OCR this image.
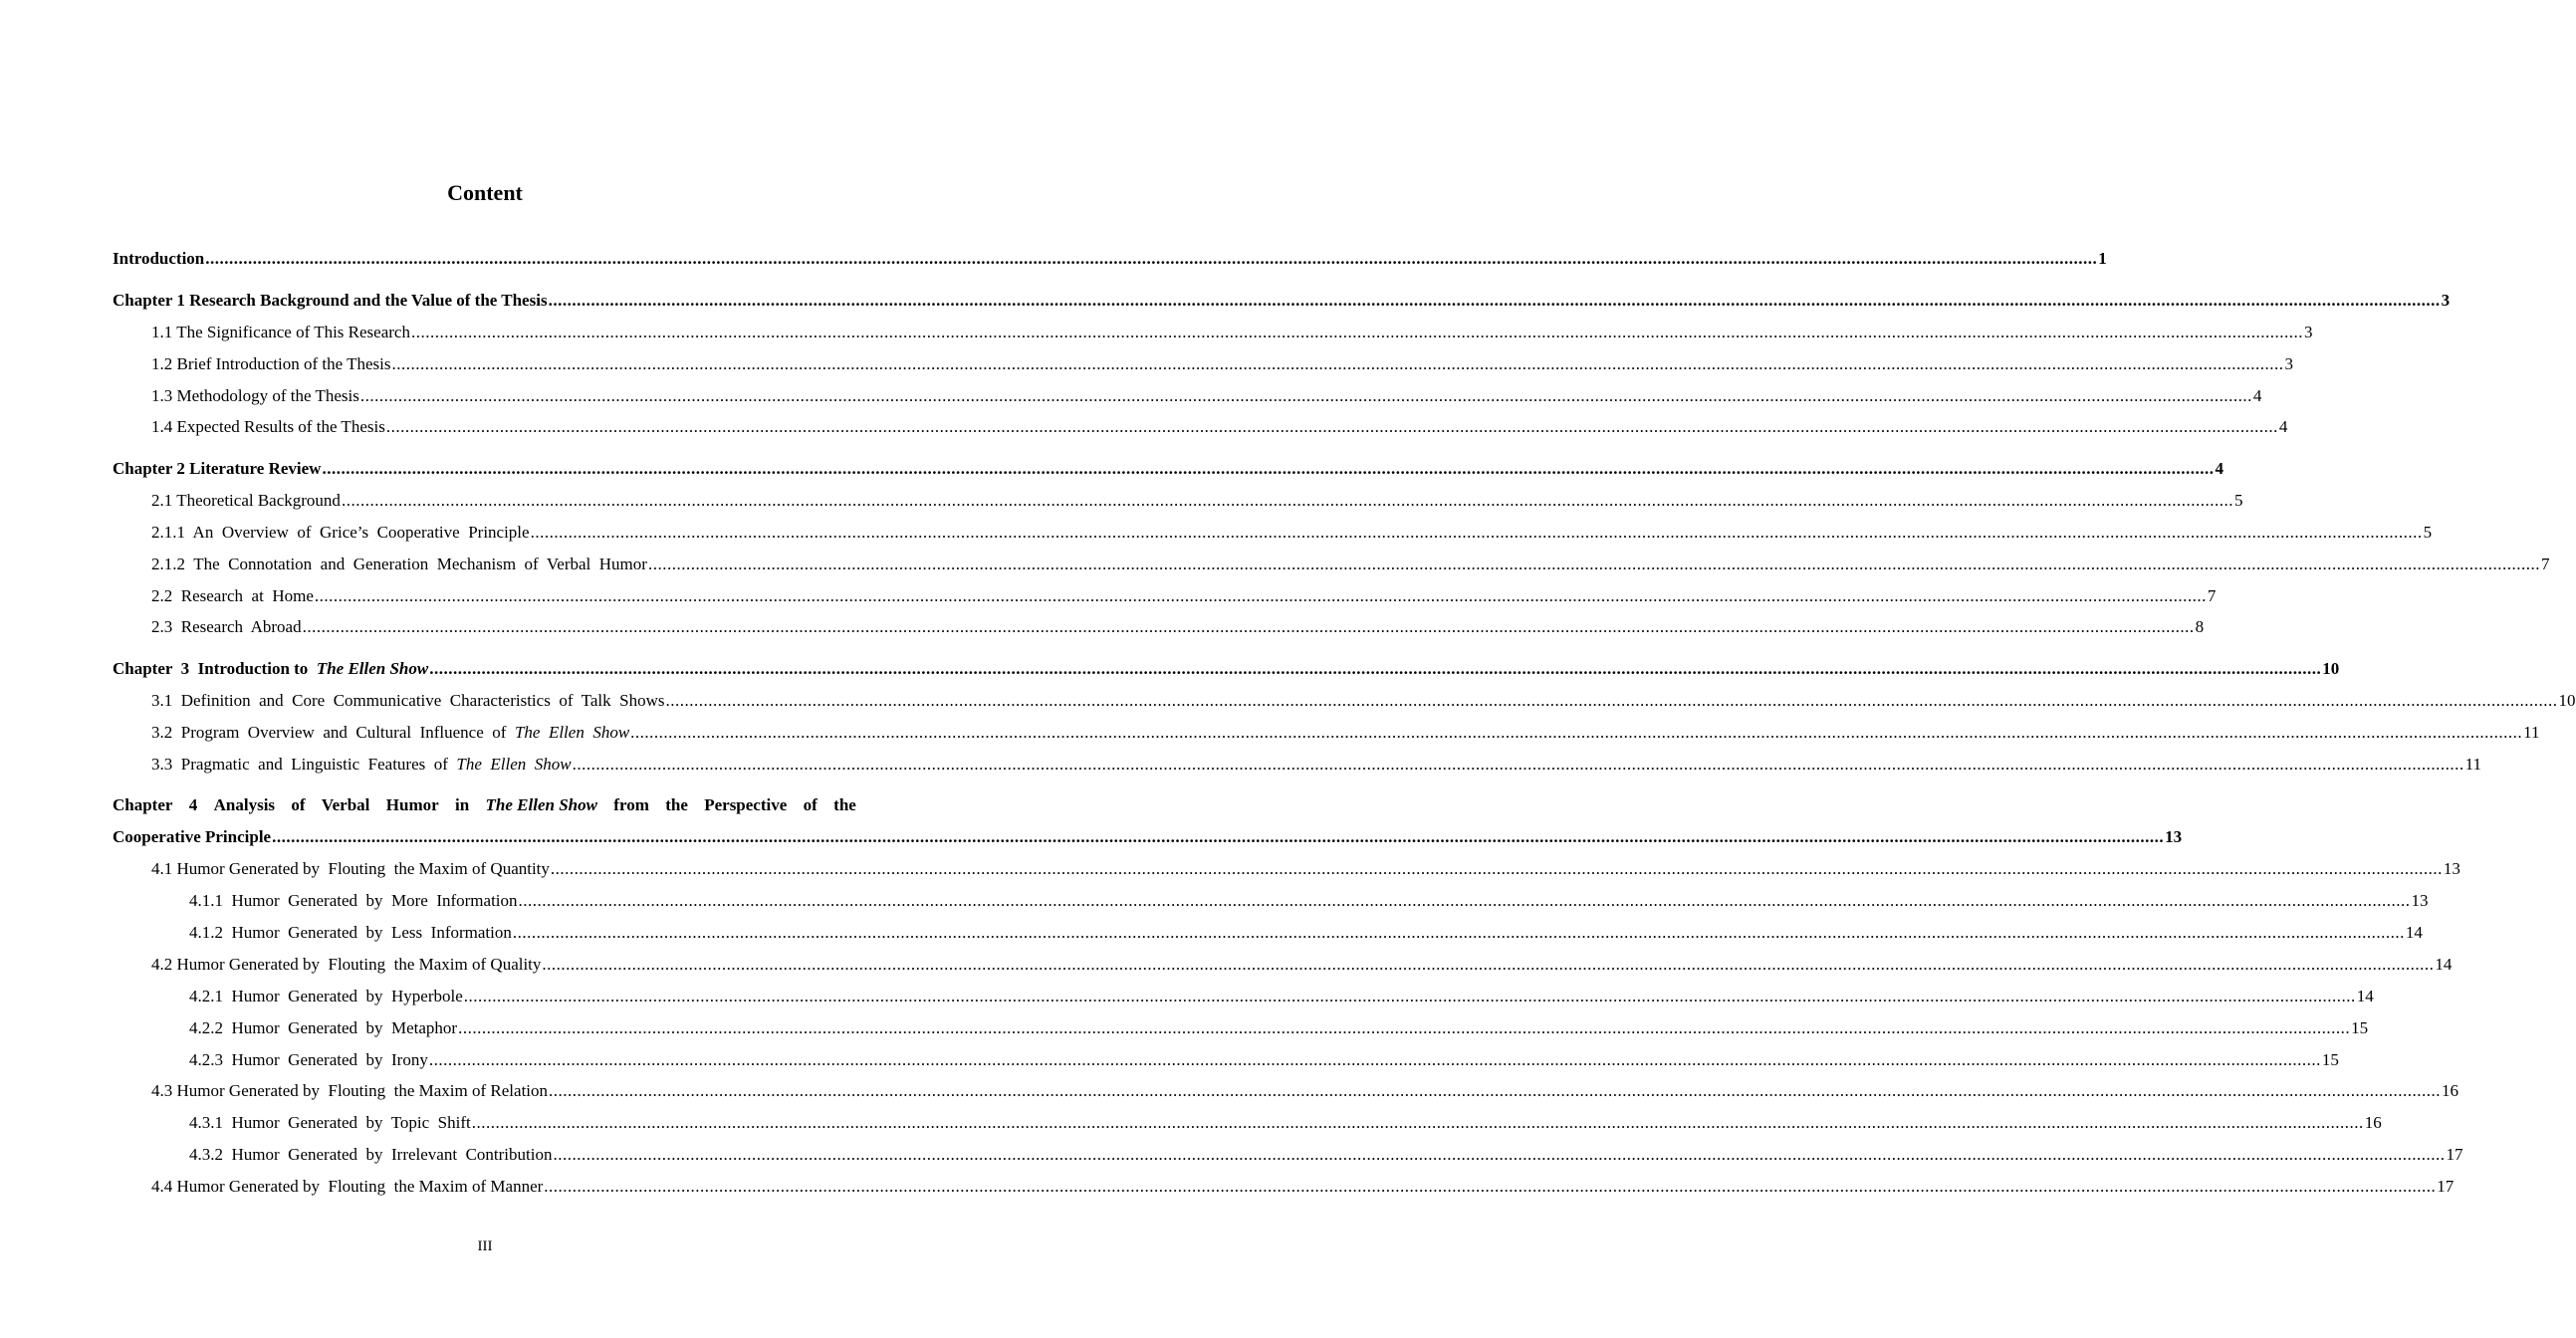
Content
Introduction ................................................................................................................................................................................................................................................................................................................................................................................................................ 1
Chapter 1 Research Background and the Value of the Thesis ................................................................................................................................................................................................................................................................................................................................................................................................................ 3
1.1 The Significance of This Research ................................................................................................................................................................................................................................................................................................................................................................................................................ 3
1.2 Brief Introduction of the Thesis ................................................................................................................................................................................................................................................................................................................................................................................................................ 3
1.3 Methodology of the Thesis ................................................................................................................................................................................................................................................................................................................................................................................................................ 4
1.4 Expected Results of the Thesis ................................................................................................................................................................................................................................................................................................................................................................................................................ 4
Chapter 2 Literature Review ................................................................................................................................................................................................................................................................................................................................................................................................................ 4
2.1 Theoretical Background ................................................................................................................................................................................................................................................................................................................................................................................................................ 5
2.1.1  An  Overview  of  Grice’s  Cooperative  Principle ................................................................................................................................................................................................................................................................................................................................................................................................................ 5
2.1.2  The  Connotation  and  Generation  Mechanism  of  Verbal  Humor ................................................................................................................................................................................................................................................................................................................................................................................................................ 7
2.2  Research  at  Home ................................................................................................................................................................................................................................................................................................................................................................................................................ 7
2.3  Research  Abroad ................................................................................................................................................................................................................................................................................................................................................................................................................ 8
Chapter  3  Introduction to  The Ellen Show ................................................................................................................................................................................................................................................................................................................................................................................................................ 10
3.1  Definition  and  Core  Communicative  Characteristics  of  Talk  Shows ................................................................................................................................................................................................................................................................................................................................................................................................................ 10
3.2  Program  Overview  and  Cultural  Influence  of  The  Ellen  Show ................................................................................................................................................................................................................................................................................................................................................................................................................ 11
3.3  Pragmatic  and  Linguistic  Features  of  The  Ellen  Show ................................................................................................................................................................................................................................................................................................................................................................................................................ 11
Chapter 4 Analysis of Verbal Humor in The Ellen Show from the Perspective of the
Cooperative Principle ................................................................................................................................................................................................................................................................................................................................................................................................................ 13
4.1 Humor Generated by  Flouting  the Maxim of Quantity ................................................................................................................................................................................................................................................................................................................................................................................................................ 13
4.1.1  Humor  Generated  by  More  Information ................................................................................................................................................................................................................................................................................................................................................................................................................ 13
4.1.2  Humor  Generated  by  Less  Information ................................................................................................................................................................................................................................................................................................................................................................................................................ 14
4.2 Humor Generated by  Flouting  the Maxim of Quality ................................................................................................................................................................................................................................................................................................................................................................................................................ 14
4.2.1  Humor  Generated  by  Hyperbole ................................................................................................................................................................................................................................................................................................................................................................................................................ 14
4.2.2  Humor  Generated  by  Metaphor ................................................................................................................................................................................................................................................................................................................................................................................................................ 15
4.2.3  Humor  Generated  by  Irony ................................................................................................................................................................................................................................................................................................................................................................................................................ 15
4.3 Humor Generated by  Flouting  the Maxim of Relation ................................................................................................................................................................................................................................................................................................................................................................................................................ 16
4.3.1  Humor  Generated  by  Topic  Shift ................................................................................................................................................................................................................................................................................................................................................................................................................ 16
4.3.2  Humor  Generated  by  Irrelevant  Contribution ................................................................................................................................................................................................................................................................................................................................................................................................................ 17
4.4 Humor Generated by  Flouting  the Maxim of Manner ................................................................................................................................................................................................................................................................................................................................................................................................................ 17
III
